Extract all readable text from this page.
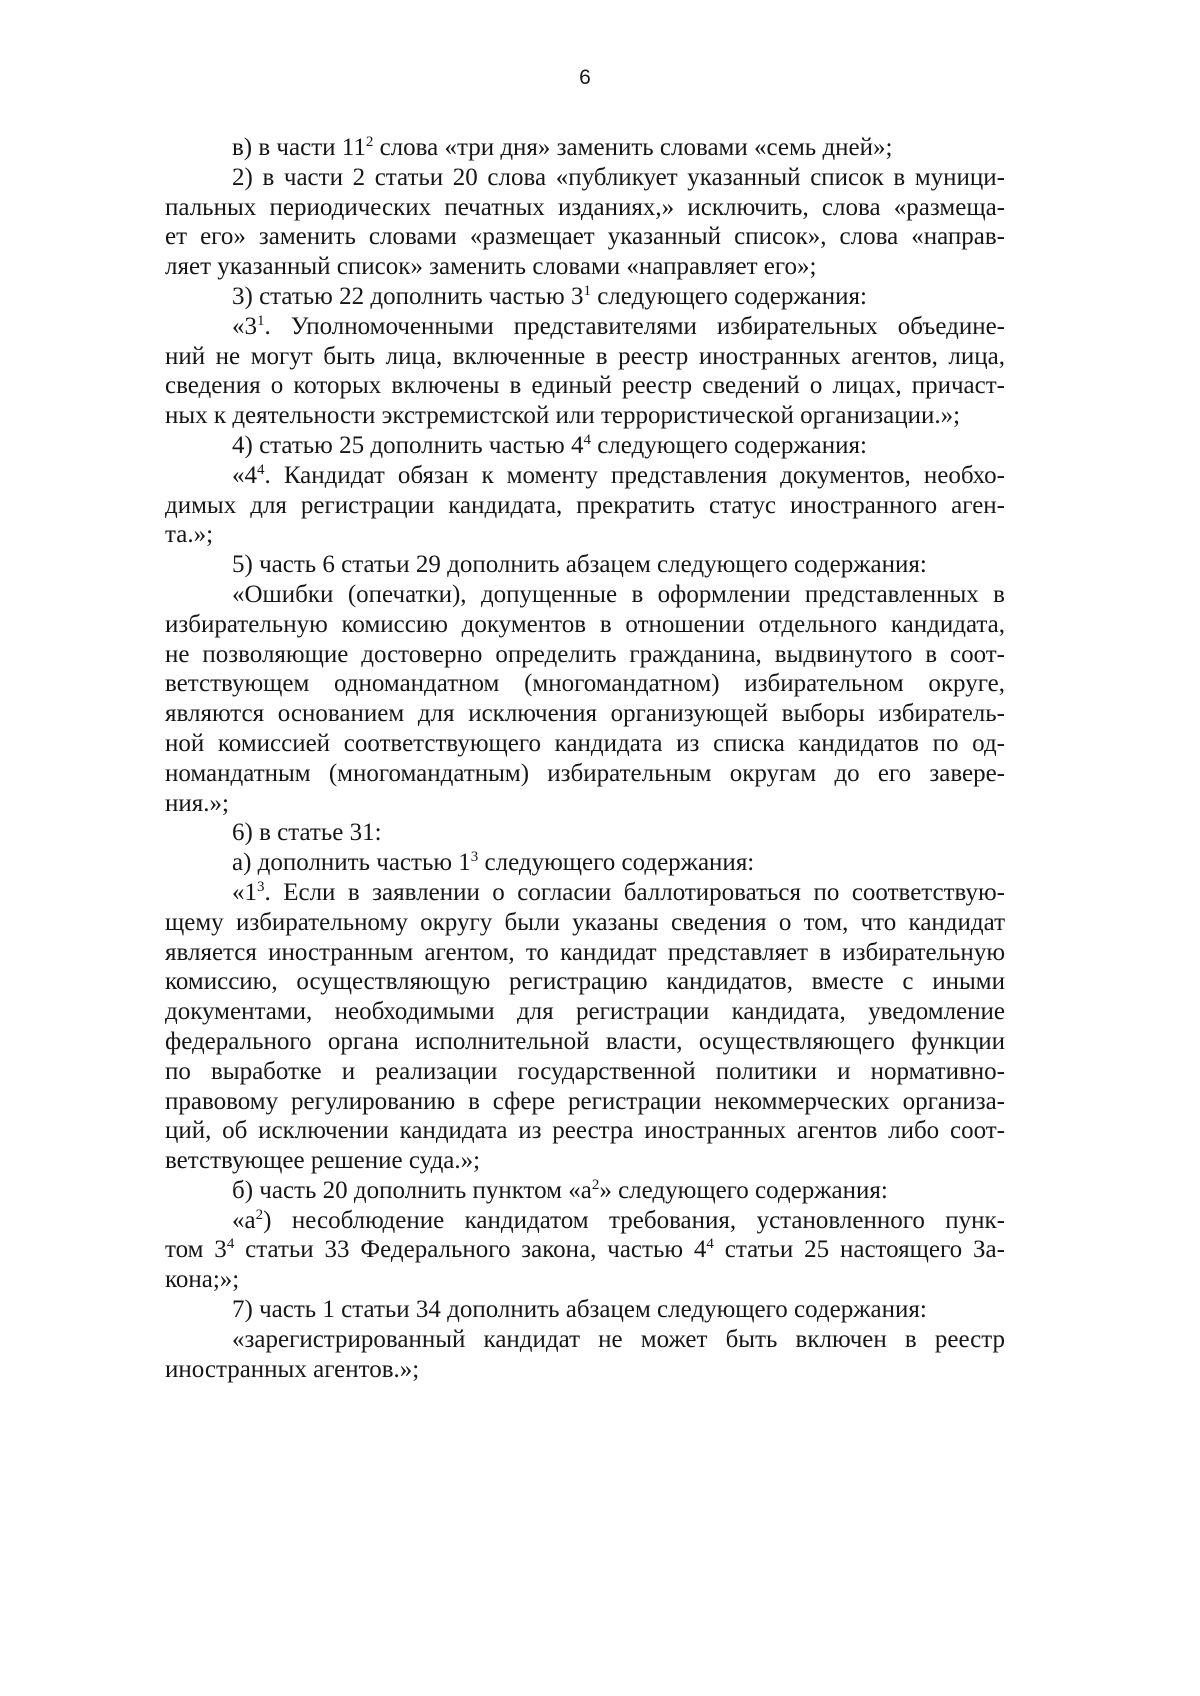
6
в) в части $11^2$ слова «три дня» заменить словами «семь дней»;
2) в части 2 статьи 20 слова «публикует указанный список в муници-
пальных периодических печатных изданиях,» исключить, слова «размеща-
ет его» заменить словами «размещает указанный список», слова «направ-
ляет указанный список» заменить словами «направляет его»;
3) статью 22 дополнить частью $3^1$ следующего содержания:
«$3^1$. Уполномоченными представителями избирательных объедине-
ний не могут быть лица, включенные в реестр иностранных агентов, лица,
сведения о которых включены в единый реестр сведений о лицах, причаст-
ных к деятельности экстремистской или террористической организации.»;
4) статью 25 дополнить частью $4^4$ следующего содержания:
«$4^4$. Кандидат обязан к моменту представления документов, необхо-
димых для регистрации кандидата, прекратить статус иностранного аген-
та.»;
5) часть 6 статьи 29 дополнить абзацем следующего содержания:
«Ошибки (опечатки), допущенные в оформлении представленных в
избирательную комиссию документов в отношении отдельного кандидата,
не позволяющие достоверно определить гражданина, выдвинутого в соот-
ветствующем одномандатном (многомандатном) избирательном округе,
являются основанием для исключения организующей выборы избиратель-
ной комиссией соответствующего кандидата из списка кандидатов по од-
номандатным (многомандатным) избирательным округам до его завере-
ния.»;
6) в статье 31:
а) дополнить частью $1^3$ следующего содержания:
«$1^3$. Если в заявлении о согласии баллотироваться по соответствую-
щему избирательному округу были указаны сведения о том, что кандидат
является иностранным агентом, то кандидат представляет в избирательную
комиссию, осуществляющую регистрацию кандидатов, вместе с иными
документами, необходимыми для регистрации кандидата, уведомление
федерального органа исполнительной власти, осуществляющего функции
по выработке и реализации государственной политики и нормативно-
правовому регулированию в сфере регистрации некоммерческих организа-
ций, об исключении кандидата из реестра иностранных агентов либо соот-
ветствующее решение суда.»;
б) часть 20 дополнить пунктом «$а^2$» следующего содержания:
«$а^2$) несоблюдение кандидатом требования, установленного пунк-
том $3^4$ статьи 33 Федерального закона, частью $4^4$ статьи 25 настоящего За-
кона;»;
7) часть 1 статьи 34 дополнить абзацем следующего содержания:
«зарегистрированный кандидат не может быть включен в реестр
иностранных агентов.»;
